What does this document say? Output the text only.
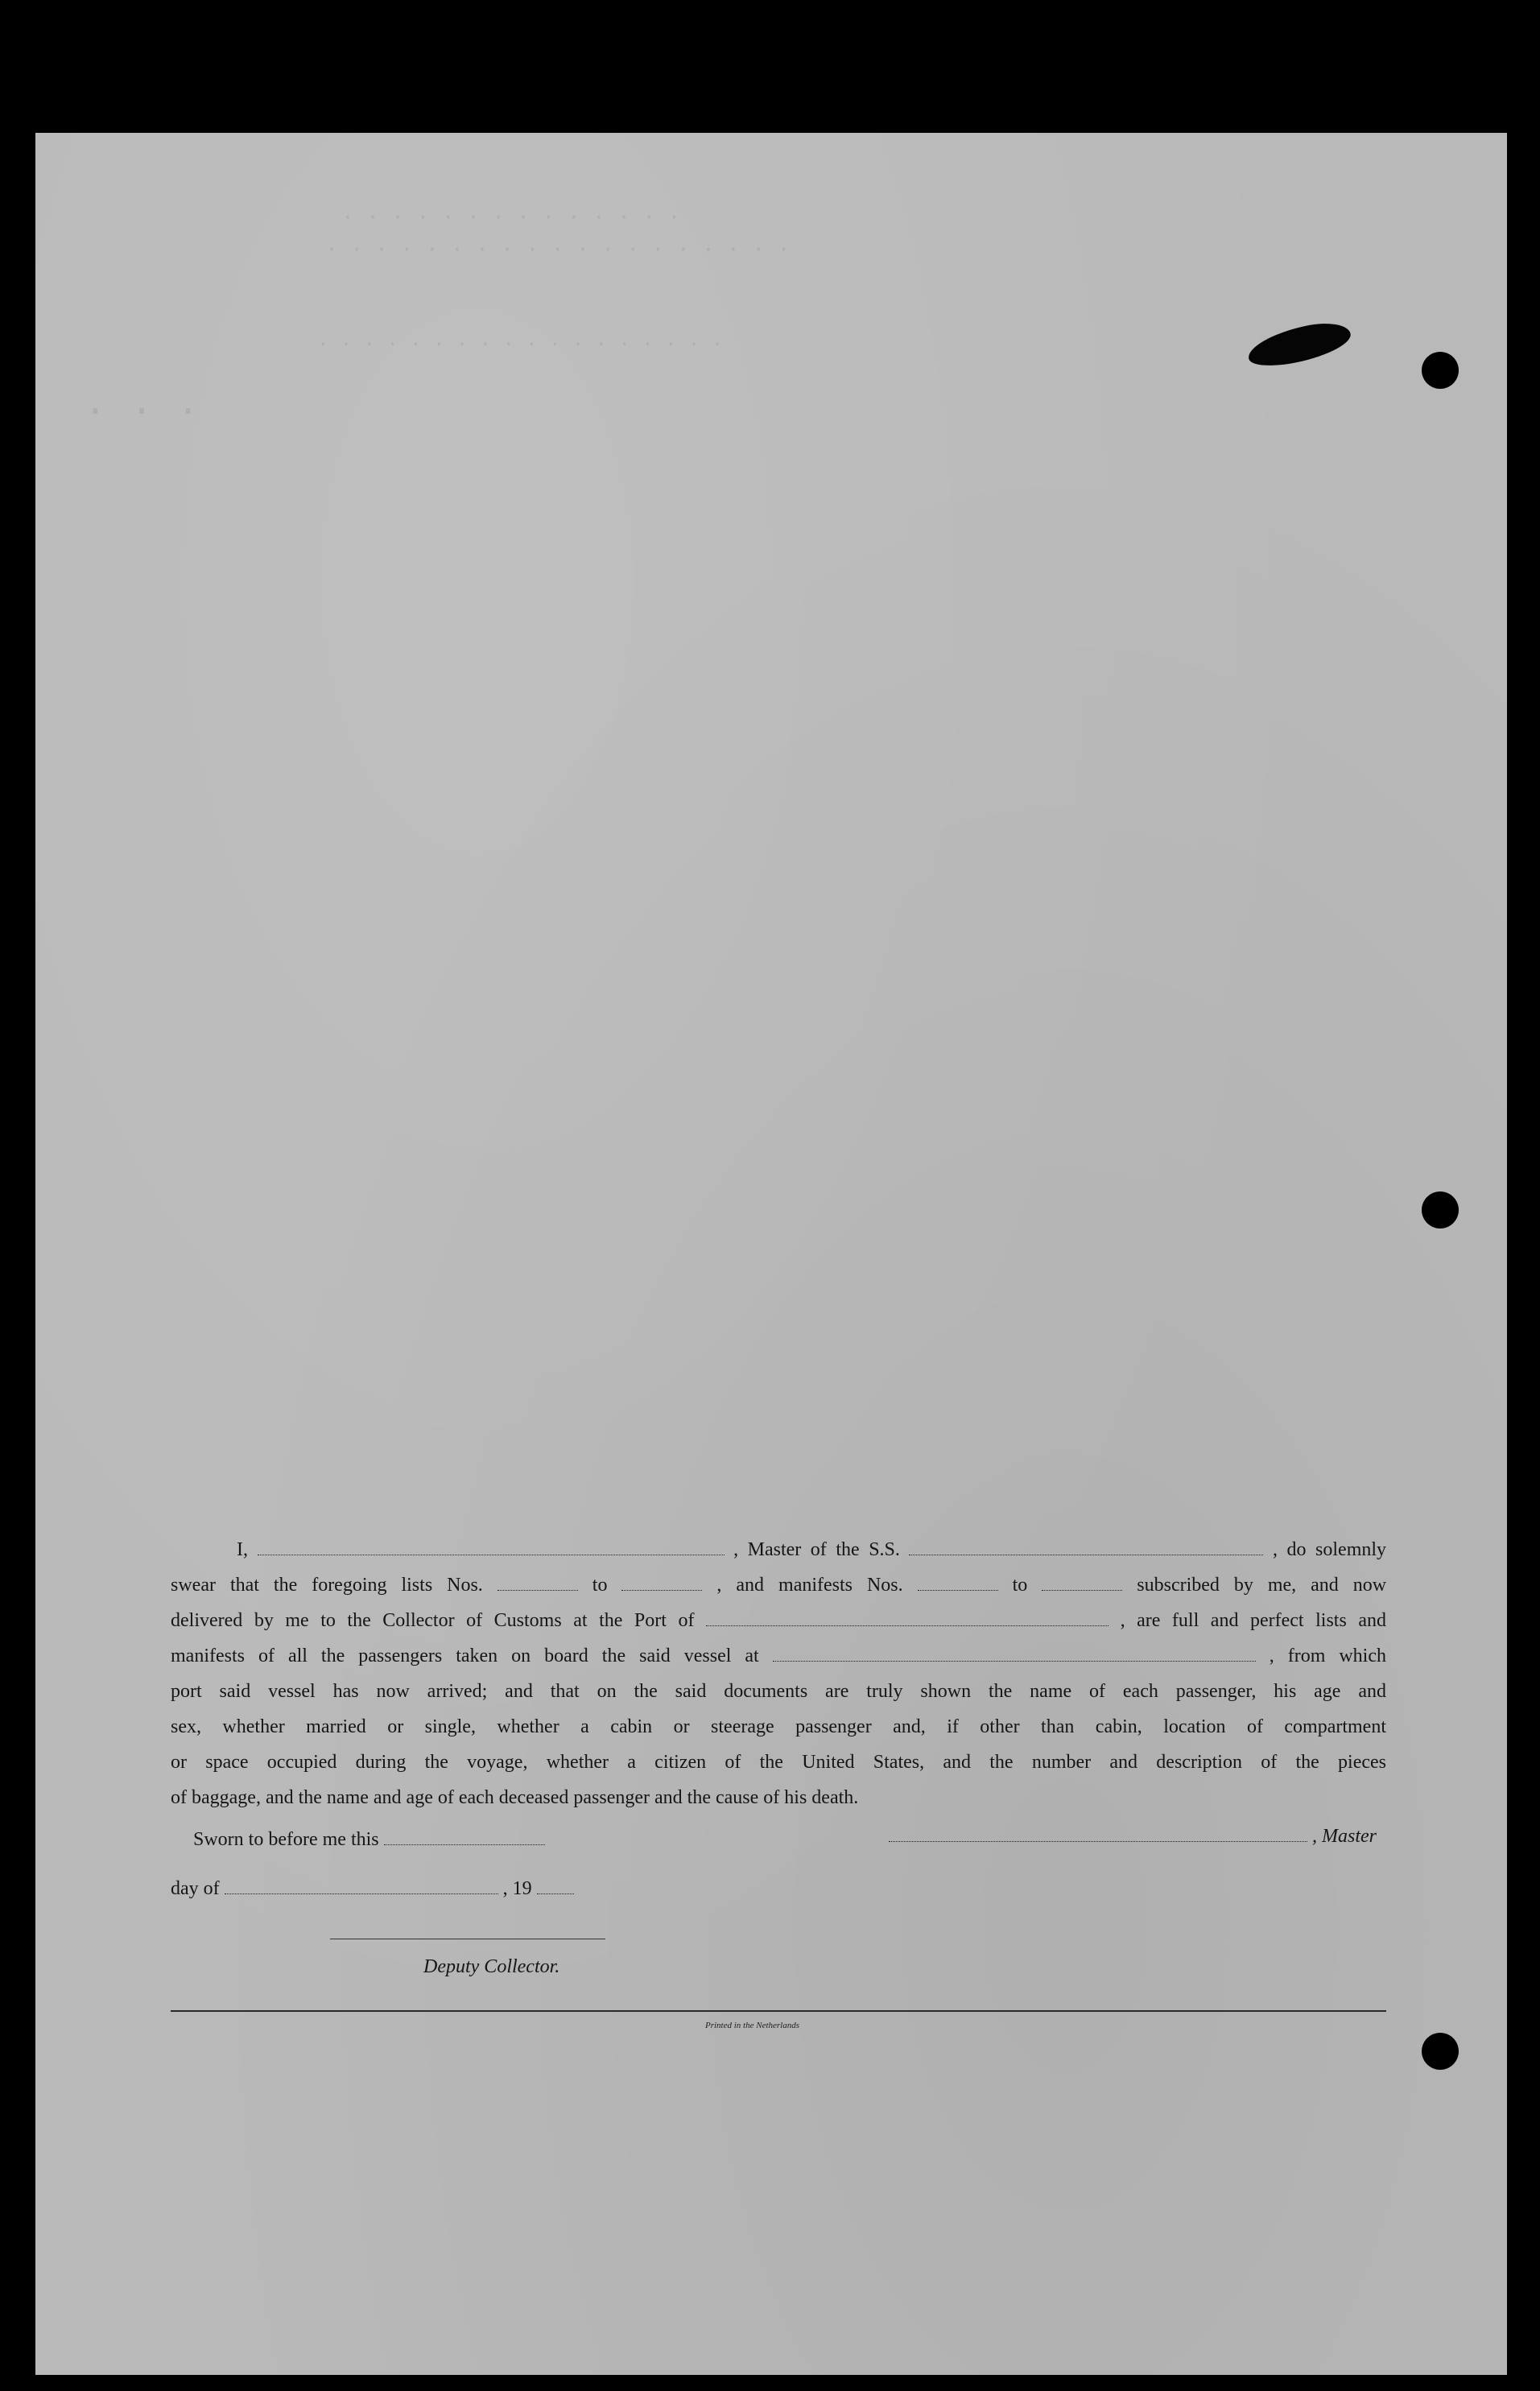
· · · · · · · · · · · · · ·
· · · · · · · · · · · · · · · · · · ·
· · · · · · · · · · · · · · · · · ·
· · ·
I,	, Master of the S.S.	, do solemnly
swear that the foregoing lists Nos.	to	, and manifests Nos.	to	subscribed by me, and now
delivered by me to the Collector of Customs at the Port of	, are full and perfect lists and
manifests of all the passengers taken on board the said vessel at	, from which
port said vessel has now arrived; and that on the said documents are truly shown the name of each passenger, his age and
sex, whether married or single, whether a cabin or steerage passenger and, if other than cabin, location of compartment
or space occupied during the voyage, whether a citizen of the United States, and the number and description of the pieces
of baggage, and the name and age of each deceased passenger and the cause of his death.
Sworn to before me this	, Master
day of	, 19
Deputy Collector.
Printed in the Netherlands
